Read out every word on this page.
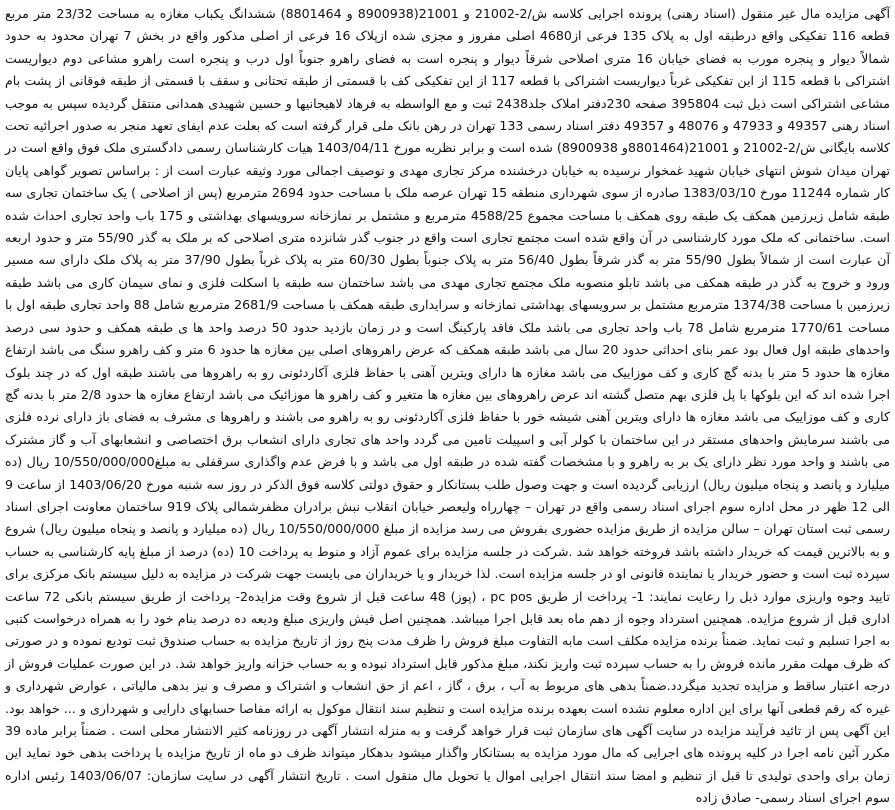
آگهی مزایده مال غیر منقول (اسناد رهنی) پرونده اجرایی کلاسه ش/2-21002 و 21001(8900938 و 8801464) ششدانگ یکباب مغازه به مساحت 23/32 متر مربع قطعه 116 تفکیکی واقع درطبقه اول به پلاک 135 فرعی از4680 اصلی مفروز و مجزی شده ازپلاک 16 فرعی از اصلی مذکور واقع در بخش 7 تهران محدود به حدود شمالاً دیوار و پنجره مورب به فضای خیابان 16 متری اصلاحی شرقاً دیوار و پنجره است به فضای راهرو جنوباً اول درب و پنجره است راهرو مشاعی دوم دیواریست اشتراکی با قطعه 115 از این تفکیکی غرباً دیواریست اشتراکی با قطعه 117 از این تفکیکی کف با قسمتی از طبقه تحتانی و سقف با قسمتی از طبقه فوقانی از پشت بام مشاعی اشتراکی است ذیل ثبت 395804 صفحه 230دفتر املاک جلد2438 ثبت و مع الواسطه به فرهاد لاهیجانیها و حسین شهیدی همدانی منتقل گردیده سپس به موجب اسناد رهنی 49357 و 47933 و 48076 و 49357 دفتر اسناد رسمی 133 تهران در رهن بانک ملی قرار گرفته است که بعلت عدم ایفای تعهد منجر به صدور اجرائیه تحت کلاسه بایگانی ش/2-21002 و 21001(8801464و 8900938) شده است و برابر نظریه مورخ 1403/04/11 هیات کارشناسان رسمی دادگستری ملک فوق واقع است در تهران میدان شوش انتهای خیابان شهید غمخوار نرسیده به خیابان درخشنده مرکز تجاری مهدی و توصیف اجمالی مورد وثیقه عبارت است از : براساس تصویر گواهی پایان کار شماره 11244 مورخ 1383/03/10 صادره از سوی شهرداری منطقه 15 تهران عرصه ملک با مساحت حدود 2694 مترمربع (پس از اصلاحی ) یک ساختمان تجاری سه طبقه شامل زیرزمین همکف یک طبقه روی همکف با مساحت مجموع 4588/25 مترمربع و مشتمل بر نمازخانه سرویسهای بهداشتی و 175 باب واحد تجاری احداث شده است. ساختمانی که ملک مورد کارشناسی در آن واقع شده است مجتمع تجاری است واقع در جنوب گذر شانزده متری اصلاحی که بر ملک به گذر 55/90 متر و حدود اربعه آن عبارت است از شمالاً بطول 55/90 متر به گذر شرقاً بطول 56/40 متر به پلاک جنوباً بطول 60/30 متر به پلاک غرباً بطول 37/90 متر به پلاک ملک دارای سه مسیر ورود و خروج به گذر در طبقه همکف می باشد تابلو منصوبه ملک مجتمع تجاری مهدی می باشد ساختمان سه طبقه با اسکلت فلزی و نمای سیمان کاری می باشد طبقه زیرزمین با مساحت 1374/38 مترمربع مشتمل بر سرویسهای بهداشتی نمازخانه و سرایداری طبقه همکف با مساحت 2681/9 مترمربع شامل 88 واحد تجاری طبقه اول با مساحت 1770/61 مترمربع شامل 78 باب واحد تجاری می باشد ملک فاقد پارکینگ است و در زمان بازدید حدود 50 درصد واحد ها ی طبقه همکف و حدود سی درصد واحدهای طبقه اول فعال بود عمر بنای احداثی حدود 20 سال می باشد طبقه همکف که عرض راهروهای اصلی بین مغازه ها حدود 6 متر و کف راهرو سنگ می باشد ارتفاع مغازه ها حدود 5 متر با بدنه گچ کاری و کف موزاییک می باشد مغازه ها دارای ویترین آهنی با حفاظ فلزی آکاردئونی رو به راهروها می باشند طبقه اول که در چند بلوک اجرا شده اند که این بلوکها با پل فلزی بهم متصل گشته اند عرض راهروهای بین مغازه ها متغیر و کف راهرو ها موزائیک می باشد ارتفاع مغازه ها حدود 2/8 متر با بدنه گچ کاری و کف موزاییک می باشد مغازه ها دارای ویترین آهنی شیشه خور با حفاظ فلزی آکاردئونی رو به راهرو می باشند و راهروها ی مشرف به فضای باز دارای نرده فلزی می باشند سرمایش واحدهای مستقر در این ساختمان با کولر آبی و اسپیلت تامین می گردد واحد های تجاری دارای انشعاب برق اختصاصی و انشعابهای آب و گاز مشترک می باشند و واحد مورد نظر دارای یک بر به راهرو و با مشخصات گفته شده در طبقه اول می باشد و با فرض عدم واگذاری سرقفلی به مبلغ10/550/000/000 ریال (ده میلیارد و پانصد و پنجاه میلیون ریال) ارزیابی گردیده است و جهت وصول طلب بستانکار و حقوق دولتی کلاسه فوق الذکر در روز سه شنبه مورخ 1403/06/20 از ساعت 9 الی 12 ظهر در محل اداره سوم اجرای اسناد رسمی واقع در تهران – چهارراه ولیعصر خیابان انقلاب نبش برادران مظفرشمالی پلاک 919 ساختمان معاونت اجرای اسناد رسمی ثبت استان تهران – سالن مزایده از طریق مزایده حضوری بفروش می رسد مزایده از مبلغ 10/550/000/000 ریال (ده میلیارد و پانصد و پنجاه میلیون ریال) شروع و به بالاترین قیمت که خریدار داشته باشد فروخته خواهد شد .شرکت در جلسه مزایده برای عموم آزاد و منوط به پرداخت 10 (ده) درصد از مبلغ پایه کارشناسی به حساب سپرده ثبت است و حضور خریدار یا نماینده قانونی او در جلسه مزایده است. لذا خریدار و یا خریداران می بایست جهت شرکت در مزایده به دلیل سیستم بانک مرکزی برای تایید وجوه واریزی موارد ذیل را رعایت نمایند: 1- پرداخت از طریق pc pos ، (پوز) 48 ساعت قبل از شروع وقت مزایده2- پرداخت از طریق سیستم بانکی 72 ساعت اداری قبل از شروع مزایده. همچنین استرداد وجوه از دهم ماه بعد قابل اجرا میباشد. همچنین اصل فیش واریزی مبلغ ودیعه ده درصد بنام خود را به همراه درخواست کتبی به اجرا تسلیم و ثبت نماید. ضمناً برنده مزایده مکلف است مابه التفاوت مبلغ فروش را ظرف مدت پنج روز از تاریخ مزایده به حساب صندوق ثبت تودیع نموده و در صورتی که ظرف مهلت مقرر مانده فروش را به حساب سپرده ثبت واریز نکند، مبلغ مذکور قابل استرداد نبوده و به حساب خزانه واریز خواهد شد. در این صورت عملیات فروش از درجه اعتبار ساقط و مزایده تجدید میگردد.ضمناً بدهی های مربوط به آب ، برق ، گاز ، اعم از حق انشعاب و اشتراک و مصرف و نیز بدهی مالیاتی ، عوارض شهرداری و غیره که رقم قطعی آنها برای این اداره معلوم نشده است بعهده برنده مزایده است و تنظیم سند انتقال موکول به ارائه مفاصا حسابهای دارایی و شهرداری و ... خواهد بود. این آگهی پس از تائید فرآیند مزایده در سایت آگهی های سازمان ثبت قرار خواهد گرفت و به منزله انتشار آگهی در روزنامه کثیر الانتشار محلی است . ضمناً برابر ماده 39 مکرر آئین نامه اجرا در کلیه پرونده های اجرایی که مال مورد مزایده به بستانکار واگذار میشود بدهکار میتواند ظرف دو ماه از تاریخ مزایده با پرداخت بدهی خود نماید این زمان برای واحدی تولیدی تا قبل از تنظیم و امضا سند انتقال اجرایی اموال یا تحویل مال منقول است . تاریخ انتشار آگهی در سایت سازمان: 1403/06/07 رئیس اداره سوم اجرای اسناد رسمی- صادق زاده
